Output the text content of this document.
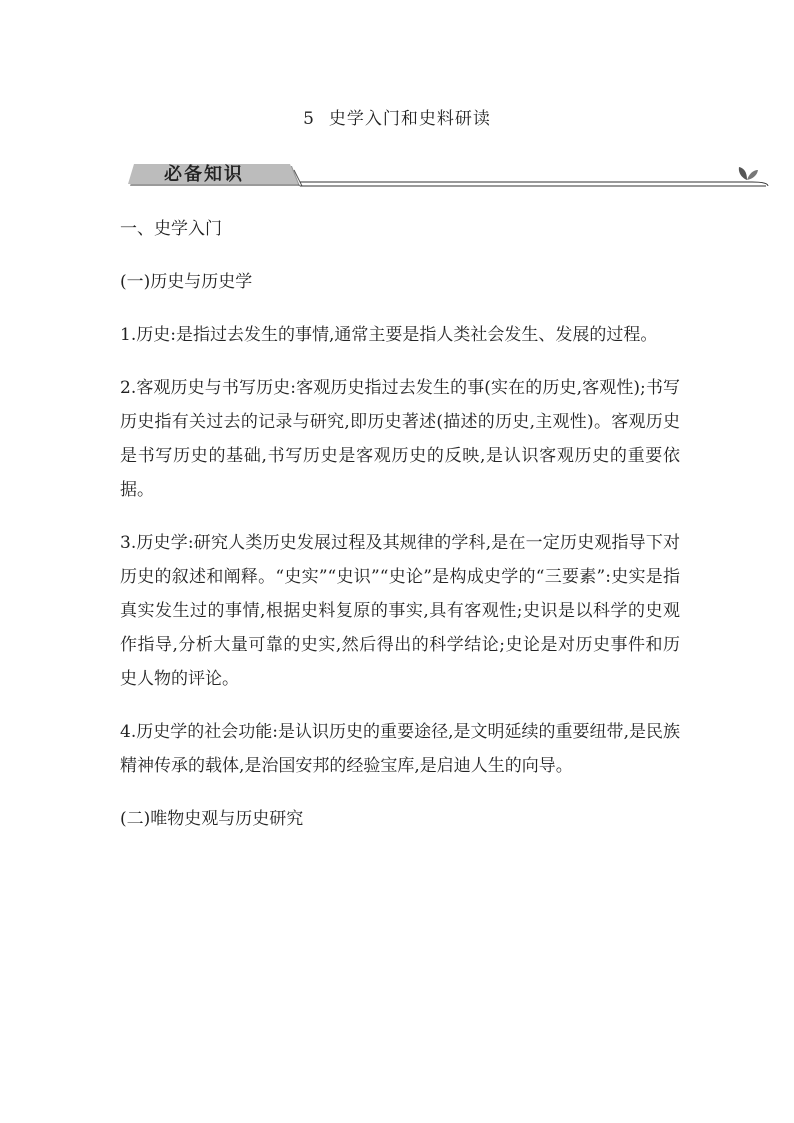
5 史学入门和史料研读
必备知识

一、史学入门

(一)历史与历史学

1.历史:是指过去发生的事情,通常主要是指人类社会发生、发展的过程。

2.客观历史与书写历史:客观历史指过去发生的事(实在的历史,客观性);书写历史指有关过去的记录与研究,即历史著述(描述的历史,主观性)。客观历史是书写历史的基础,书写历史是客观历史的反映,是认识客观历史的重要依据。

3.历史学:研究人类历史发展过程及其规律的学科,是在一定历史观指导下对历史的叙述和阐释。“史实”“史识”“史论”是构成史学的“三要素”:史实是指真实发生过的事情,根据史料复原的事实,具有客观性;史识是以科学的史观作指导,分析大量可靠的史实,然后得出的科学结论;史论是对历史事件和历史人物的评论。

4.历史学的社会功能:是认识历史的重要途径,是文明延续的重要纽带,是民族精神传承的载体,是治国安邦的经验宝库,是启迪人生的向导。

(二)唯物史观与历史研究
